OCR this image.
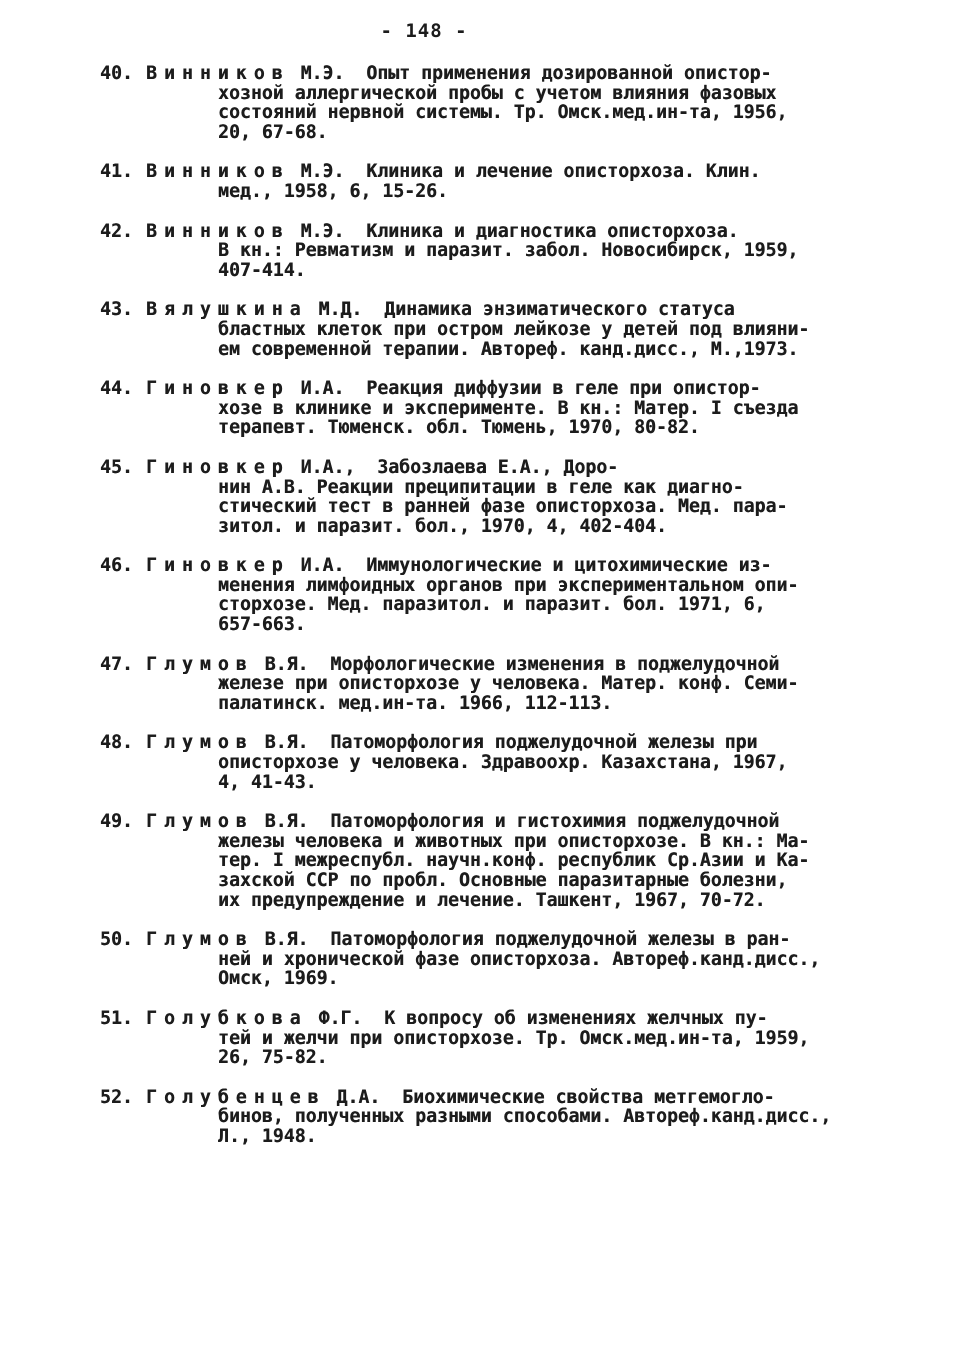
- 148 -
40. Винников М.Э. Опыт применения дозированной опистор-
хозной аллергической пробы с учетом влияния фазовых
состояний нервной системы. Тр. Омск.мед.ин-та, 1956,
20, 67-68.
41. Винников М.Э. Клиника и лечение описторхоза. Клин.
мед., 1958, 6, 15-26.
42. Винников М.Э. Клиника и диагностика описторхоза.
В кн.: Ревматизм и паразит. забол. Новосибирск, 1959,
407-414.
43. Вялушкина М.Д. Динамика энзиматического статуса
бластных клеток при остром лейкозе у детей под влияни-
ем современной терапии. Автореф. канд.дисс., М.,1973.
44. Гиновкер И.А. Реакция диффузии в геле при опистор-
хозе в клинике и эксперименте. В кн.: Матер. I съезда
терапевт. Тюменск. обл. Тюмень, 1970, 80-82.
45. Гиновкер И.А., Забозлаева Е.А., Доро-
нин А.В. Реакции преципитации в геле как диагно-
стический тест в ранней фазе описторхоза. Мед. пара-
зитол. и паразит. бол., 1970, 4, 402-404.
46. Гиновкер И.А. Иммунологические и цитохимические из-
менения лимфоидных органов при экспериментальном опи-
сторхозе. Мед. паразитол. и паразит. бол. 1971, 6,
657-663.
47. Глумов В.Я. Морфологические изменения в поджелудочной
железе при описторхозе у человека. Матер. конф. Семи-
палатинск. мед.ин-та. 1966, 112-113.
48. Глумов В.Я. Патоморфология поджелудочной железы при
описторхозе у человека. Здравоохр. Казахстана, 1967,
4, 41-43.
49. Глумов В.Я. Патоморфология и гистохимия поджелудочной
железы человека и животных при описторхозе. В кн.: Ма-
тер. I межреспубл. научн.конф. республик Ср.Азии и Ка-
захской ССР по пробл. Основные паразитарные болезни,
их предупреждение и лечение. Ташкент, 1967, 70-72.
50. Глумов В.Я. Патоморфология поджелудочной железы в ран-
ней и хронической фазе описторхоза. Автореф.канд.дисс.,
Омск, 1969.
51. Голубкова Ф.Г. К вопросу об изменениях желчных пу-
тей и желчи при описторхозе. Тр. Омск.мед.ин-та, 1959,
26, 75-82.
52. Голубенцев Д.А. Биохимические свойства метгемогло-
бинов, полученных разными способами. Автореф.канд.дисс.,
Л., 1948.
